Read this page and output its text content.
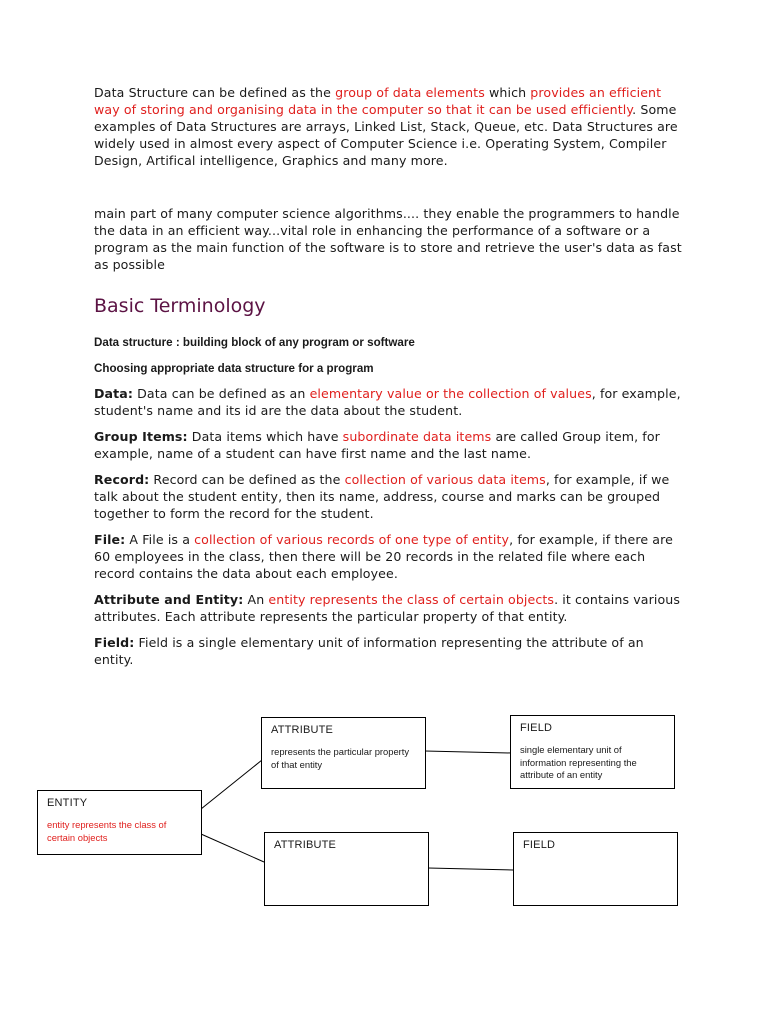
Data Structure can be defined as the group of data elements which provides an efficient way of storing and organising data in the computer so that it can be used efficiently. Some examples of Data Structures are arrays, Linked List, Stack, Queue, etc. Data Structures are widely used in almost every aspect of Computer Science i.e. Operating System, Compiler Design, Artifical intelligence, Graphics and many more.

main part of many computer science algorithms.... they enable the programmers to handle the data in an efficient way...vital role in enhancing the performance of a software or a program as the main function of the software is to store and retrieve the user's data as fast as possible

Basic Terminology
Data structure : building block of any program or software
Choosing appropriate data structure for a program

Data: Data can be defined as an elementary value or the collection of values, for example, student's name and its id are the data about the student.

Group Items: Data items which have subordinate data items are called Group item, for example, name of a student can have first name and the last name.

Record: Record can be defined as the collection of various data items, for example, if we talk about the student entity, then its name, address, course and marks can be grouped together to form the record for the student.

File: A File is a collection of various records of one type of entity, for example, if there are 60 employees in the class, then there will be 20 records in the related file where each record contains the data about each employee.

Attribute and Entity: An entity represents the class of certain objects. it contains various attributes. Each attribute represents the particular property of that entity.

Field: Field is a single elementary unit of information representing the attribute of an entity.

ENTITY
entity represents the class of certain objects
ATTRIBUTE
represents the particular property of that entity
FIELD
single elementary unit of information representing the attribute of an entity
ATTRIBUTE	FIELD
